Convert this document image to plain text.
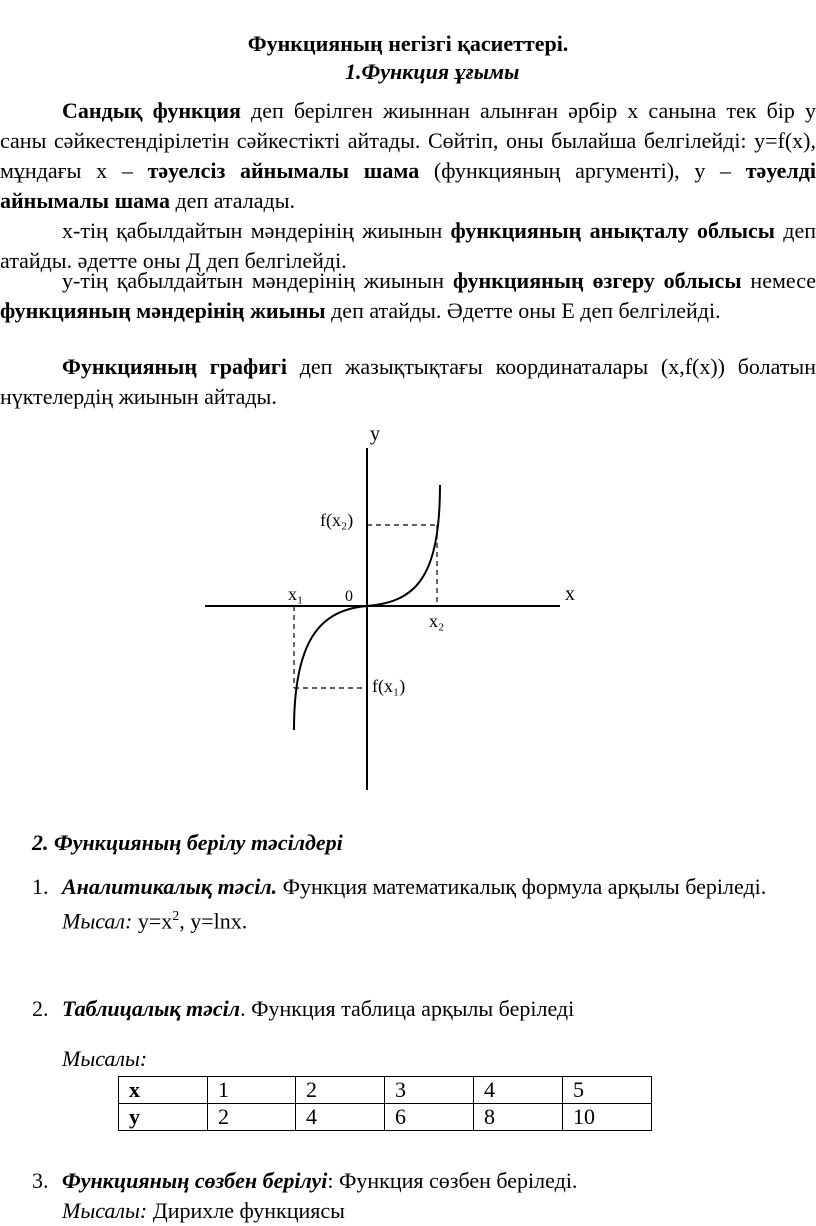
Функцияның негізгі қасиеттері.
1.Функция ұғымы
Сандық функция деп берілген жиыннан алынған әрбір x санына тек бір y саны сәйкестендірілетін сәйкестікті айтады. Сөйтіп, оны былайша белгілейді: y=f(x), мұндағы x – тәуелсіз айнымалы шама (функцияның аргументі), y – тәуелді айнымалы шама деп аталады.
x-тің қабылдайтын мәндерінің жиынын функцияның анықталу облысы деп атайды. әдетте оны Д деп белгілейді.
y-тің қабылдайтын мәндерінің жиынын функцияның өзгеру облысы немесе функцияның мәндерінің жиыны деп атайды. Әдетте оны Е деп белгілейді.
Функцияның графигі деп жазықтықтағы координаталары (x,f(x)) болатын нүктелердің жиынын айтады.
y
x
0
x₁
x₂
f(x₂)
f(x₁)
2. Функцияның берілу тәсілдері
1. Аналитикалық тәсіл. Функция математикалық формула арқылы беріледі.
Мысал: $y=x^2$, y=lnx.
2. Таблицалық тәсіл. Функция таблица арқылы беріледі
Мысалы:
x	1	2	3	4	5
y	2	4	6	8	10
3. Функцияның сөзбен берілуі: Функция сөзбен беріледі.
Мысалы: Дирихле функциясы
